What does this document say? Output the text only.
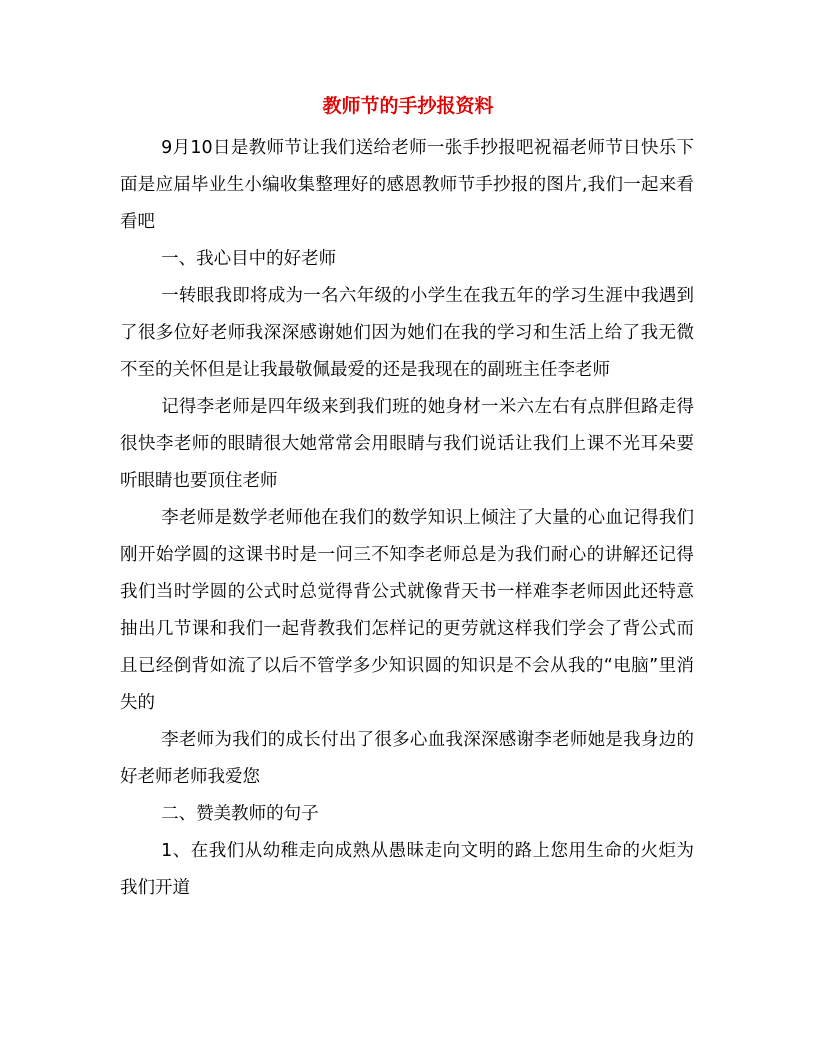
教师节的手抄报资料

9月10日是教师节让我们送给老师一张手抄报吧祝福老师节日快乐下面是应届毕业生小编收集整理好的感恩教师节手抄报的图片,我们一起来看看吧

一、我心目中的好老师

一转眼我即将成为一名六年级的小学生在我五年的学习生涯中我遇到了很多位好老师我深深感谢她们因为她们在我的学习和生活上给了我无微不至的关怀但是让我最敬佩最爱的还是我现在的副班主任李老师

记得李老师是四年级来到我们班的她身材一米六左右有点胖但路走得很快李老师的眼睛很大她常常会用眼睛与我们说话让我们上课不光耳朵要听眼睛也要顶住老师

李老师是数学老师他在我们的数学知识上倾注了大量的心血记得我们刚开始学圆的这课书时是一问三不知李老师总是为我们耐心的讲解还记得我们当时学圆的公式时总觉得背公式就像背天书一样难李老师因此还特意抽出几节课和我们一起背教我们怎样记的更劳就这样我们学会了背公式而且已经倒背如流了以后不管学多少知识圆的知识是不会从我的“电脑”里消失的

李老师为我们的成长付出了很多心血我深深感谢李老师她是我身边的好老师老师我爱您

二、赞美教师的句子

1、在我们从幼稚走向成熟从愚昧走向文明的路上您用生命的火炬为我们开道
